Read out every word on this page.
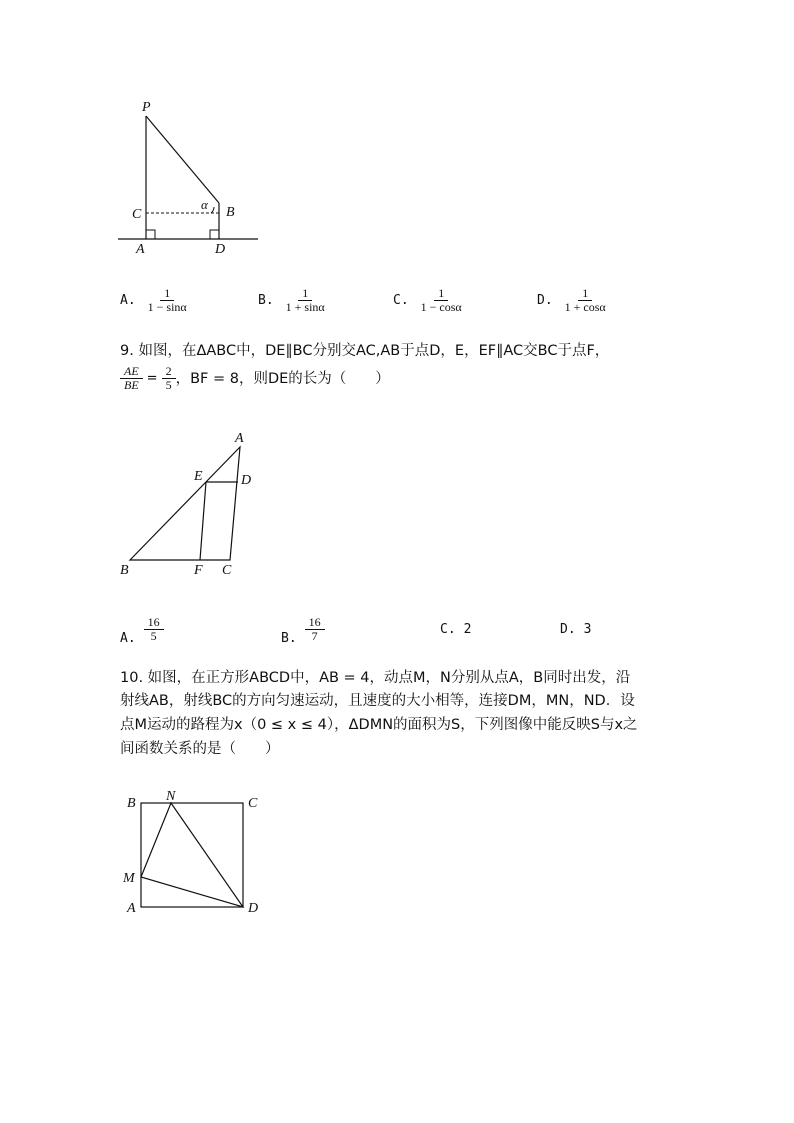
P
C
α
B
A	D
A. $\frac{1}{1 - \sin\alpha}$	B. $\frac{1}{1 + \sin\alpha}$	C. $\frac{1}{1 - \cos\alpha}$	D. $\frac{1}{1 + \cos\alpha}$
9. 如图，在ΔABC中，DE∥BC分别交AC,AB于点D，E，EF∥AC交BC于点F，
$\frac{AE}{BE} = \frac{2}{5}$ ，BF = 8，则DE的长为（　　）
A
E	D
B	F C
A. $\frac{16}{5}$	B. $\frac{16}{7}$	C. 2	D. 3
10. 如图，在正方形ABCD中，AB = 4，动点M，N分别从点A，B同时出发，沿
射线AB，射线BC的方向匀速运动，且速度的大小相等，连接DM，MN，ND．设
点M运动的路程为x（0 ≤ x ≤ 4），ΔDMN的面积为S，下列图像中能反映S与x之
间函数关系的是（　　）
B N	C
M
A	D
